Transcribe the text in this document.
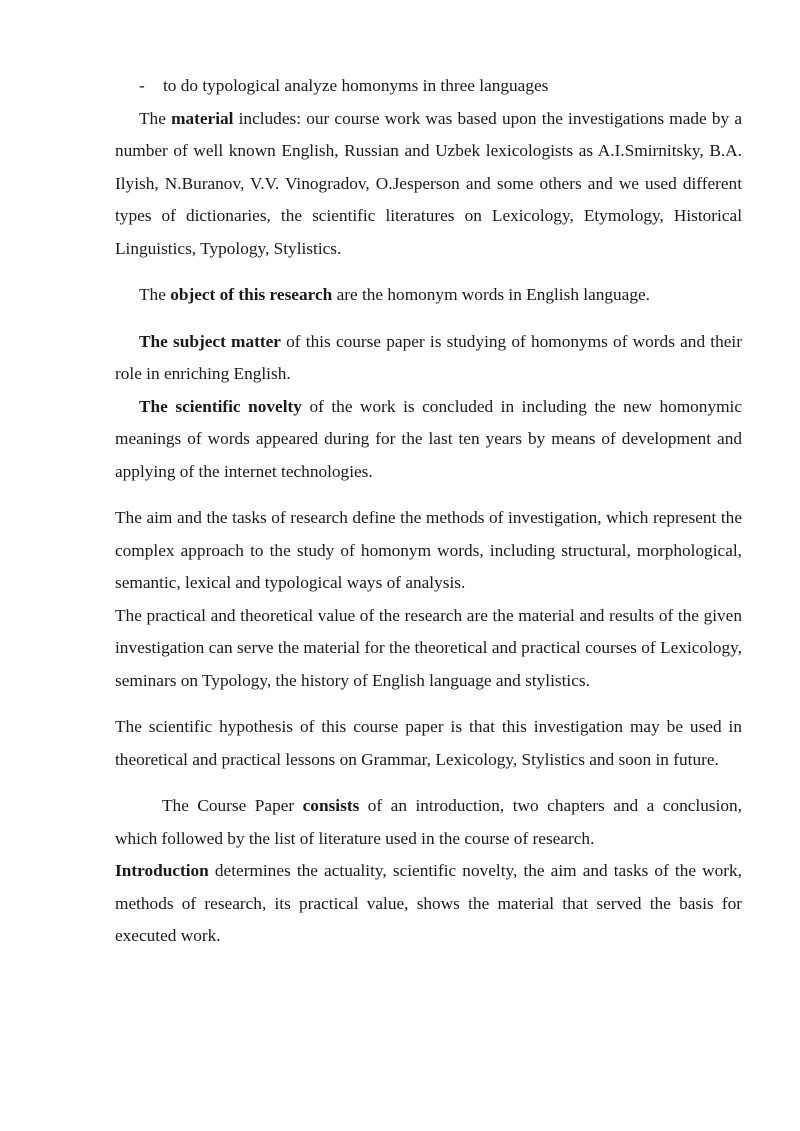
- to do typological analyze homonyms in three languages

The material includes: our course work was based upon the investigations made by a number of well known English, Russian and Uzbek lexicologists as A.I.Smirnitsky, B.A. Ilyish, N.Buranov, V.V. Vinogradov, O.Jesperson and some others and we used different types of dictionaries, the scientific literatures on Lexicology, Etymology, Historical Linguistics, Typology, Stylistics.

The object of this research are the homonym words in English language.

The subject matter of this course paper is studying of homonyms of words and their role in enriching English.

The scientific novelty of the work is concluded in including the new homonymic meanings of words appeared during for the last ten years by means of development and applying of the internet technologies.

The aim and the tasks of research define the methods of investigation, which represent the complex approach to the study of homonym words, including structural, morphological, semantic, lexical and typological ways of analysis.

The practical and theoretical value of the research are the material and results of the given investigation can serve the material for the theoretical and practical courses of Lexicology, seminars on Typology, the history of English language and stylistics.

The scientific hypothesis of this course paper is that this investigation may be used in theoretical and practical lessons on Grammar, Lexicology, Stylistics and soon in future.

The Course Paper consists of an introduction, two chapters and a conclusion, which followed by the list of literature used in the course of research.

Introduction determines the actuality, scientific novelty, the aim and tasks of the work, methods of research, its practical value, shows the material that served the basis for executed work.
